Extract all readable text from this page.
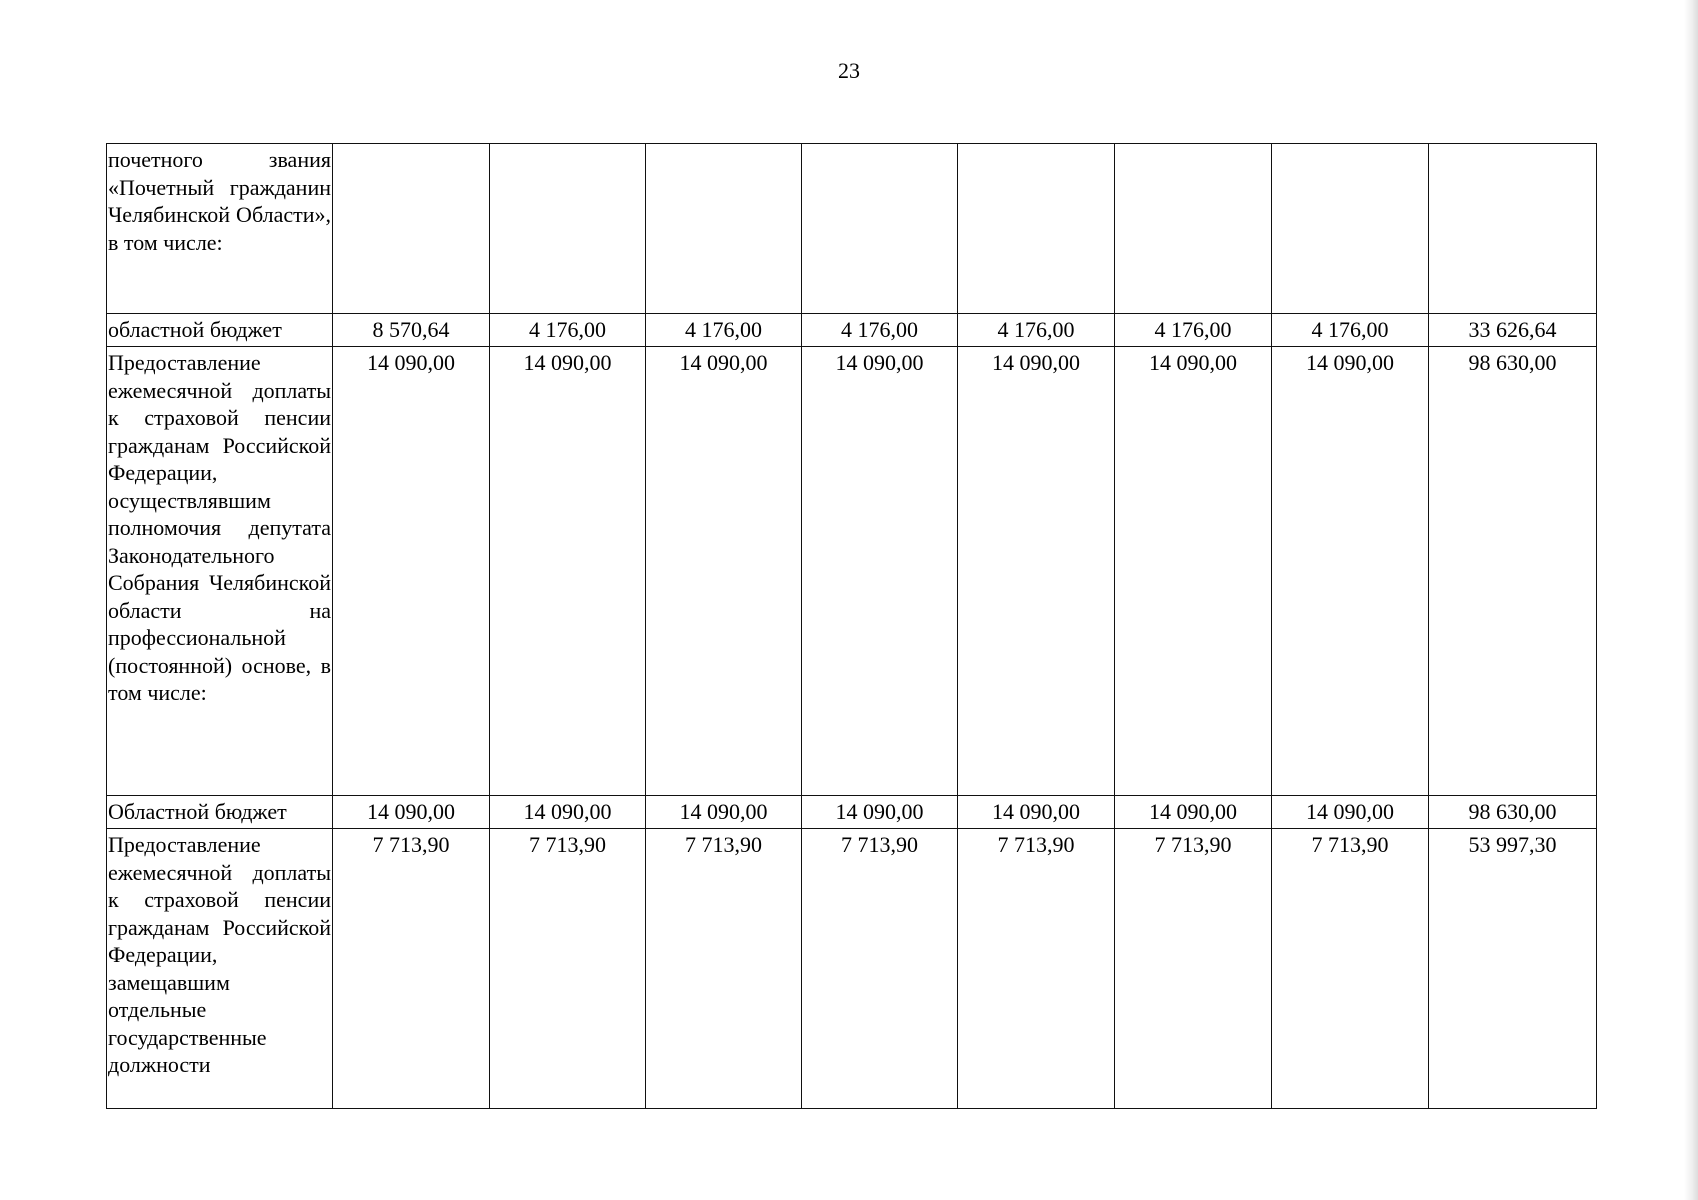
23
почетного звания «Почетный гражданин Челябинской Области», в том числе:								
областной бюджет	8 570,64	4 176,00	4 176,00	4 176,00	4 176,00	4 176,00	4 176,00	33 626,64
Предоставление ежемесячной доплаты к страховой пенсии гражданам Российской Федерации, осуществлявшим полномочия депутата Законодательного Собрания Челябинской области на профессиональной (постоянной) основе, в том числе:	14 090,00	14 090,00	14 090,00	14 090,00	14 090,00	14 090,00	14 090,00	98 630,00
Областной бюджет	14 090,00	14 090,00	14 090,00	14 090,00	14 090,00	14 090,00	14 090,00	98 630,00
Предоставление ежемесячной доплаты к страховой пенсии гражданам Российской Федерации, замещавшим отдельные государственные должности	7 713,90	7 713,90	7 713,90	7 713,90	7 713,90	7 713,90	7 713,90	53 997,30
